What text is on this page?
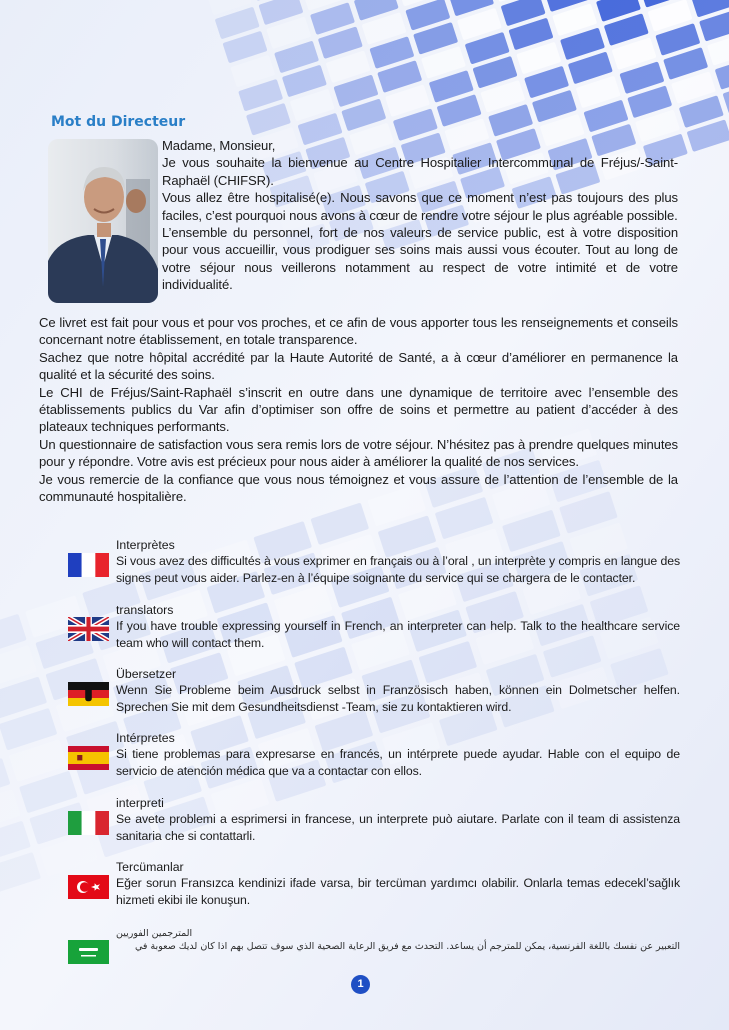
Mot du Directeur

Madame, Monsieur,

Je vous souhaite la bienvenue au Centre Hospitalier Intercommunal de Fréjus/-Saint-Raphaël (CHIFSR).

Vous allez être hospitalisé(e). Nous savons que ce moment n’est pas toujours des plus faciles, c’est pourquoi nous avons à cœur de rendre votre séjour le plus agréable possible.

L’ensemble du personnel, fort de nos valeurs de service public, est à votre disposition pour vous accueillir, vous prodiguer ses soins mais aussi vous écouter. Tout au long de votre séjour nous veillerons notamment au respect de votre intimité et de votre individualité.

Ce livret est fait pour vous et pour vos proches, et ce afin de vous apporter tous les renseignements et conseils concernant notre établissement, en totale transparence.

Sachez que notre hôpital accrédité par la Haute Autorité de Santé, a à cœur d’améliorer en permanence la qualité et la sécurité des soins.

Le CHI de Fréjus/Saint-Raphaël s’inscrit en outre dans une dynamique de territoire avec l’ensemble des établissements publics du Var afin d’optimiser son offre de soins et permettre au patient d’accéder à des plateaux techniques performants.

Un questionnaire de satisfaction vous sera remis lors de votre séjour. N’hésitez pas à prendre quelques minutes pour y répondre. Votre avis est précieux pour nous aider à améliorer la qualité de nos services.

Je vous remercie de la confiance que vous nous témoignez et vous assure de l’attention de l’ensemble de la communauté hospitalière.

Interprètes

Si vous avez des difficultés à vous exprimer en français ou à l’oral , un interprète y compris en langue des signes peut vous aider. Parlez-en à l’équipe soignante du service qui se chargera de le contacter.

translators

If you have trouble expressing yourself in French, an interpreter can help. Talk to the healthcare service team who will contact them.

Übersetzer

Wenn Sie Probleme beim Ausdruck selbst in Französisch haben, können ein Dolmetscher helfen. Sprechen Sie mit dem Gesundheitsdienst -Team, sie zu kontaktieren wird.

Intérpretes

Si tiene problemas para expresarse en francés, un intérprete puede ayudar. Hable con el equipo de servicio de atención médica que va a contactar con ellos.

interpreti

Se avete problemi a esprimersi in francese, un interprete può aiutare. Parlate con il team di assistenza sanitaria che si contattarli.

Tercümanlar

Eğer sorun Fransızca kendinizi ifade varsa, bir tercüman yardımcı olabilir. Onlarla temas edecekl’sağlık hizmeti ekibi ile konuşun.

المترجمين الفوريين

التعبير عن نفسك باللغة الفرنسية، يمكن للمترجم أن يساعد. التحدث مع فريق الرعاية الصحية الذي سوف تتصل بهم اذا كان لديك صعوبة في

1
